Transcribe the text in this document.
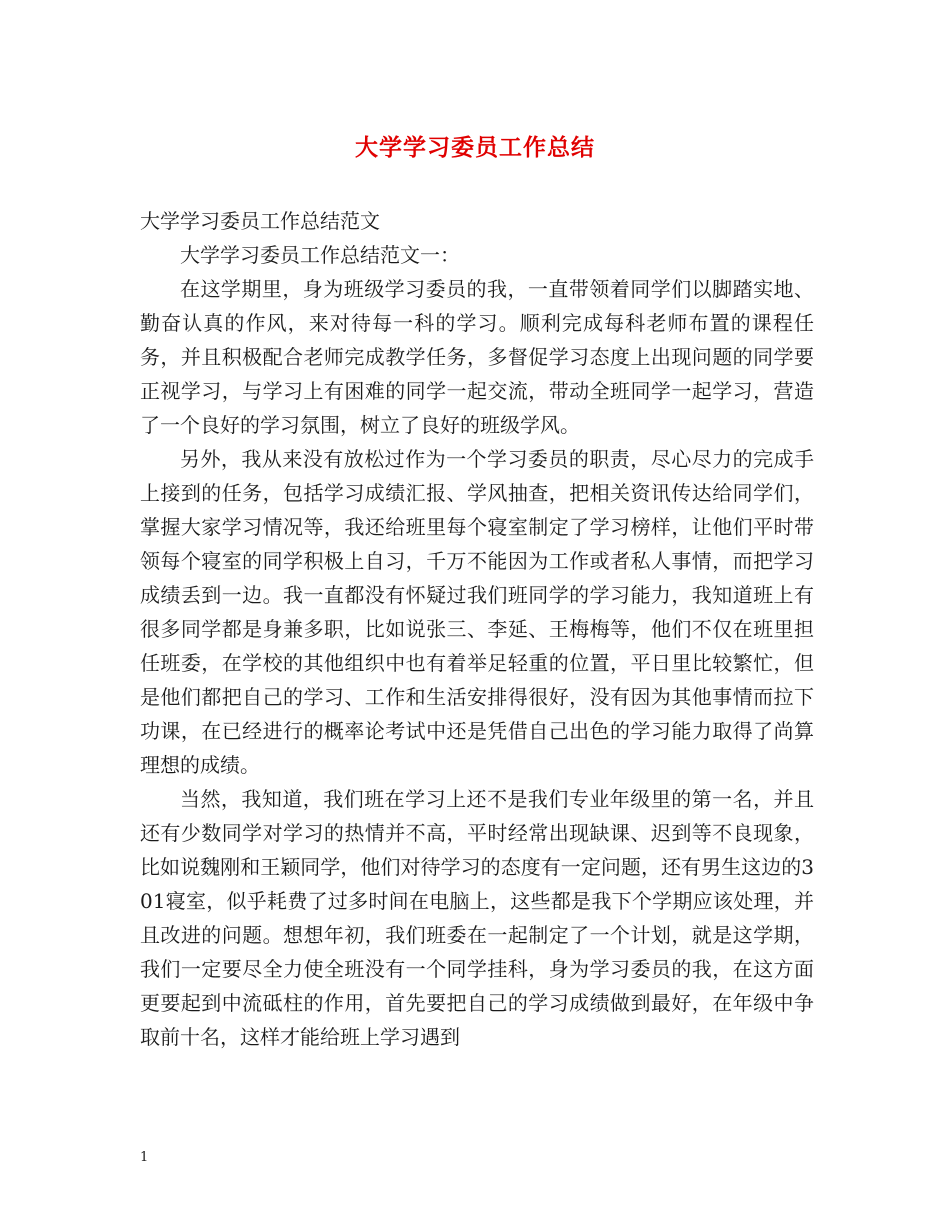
大学学习委员工作总结

大学学习委员工作总结范文

大学学习委员工作总结范文一：

在这学期里，身为班级学习委员的我，一直带领着同学们以脚踏实地、勤奋认真的作风，来对待每一科的学习。顺利完成每科老师布置的课程任务，并且积极配合老师完成教学任务，多督促学习态度上出现问题的同学要正视学习，与学习上有困难的同学一起交流，带动全班同学一起学习，营造了一个良好的学习氛围，树立了良好的班级学风。

另外，我从来没有放松过作为一个学习委员的职责，尽心尽力的完成手上接到的任务，包括学习成绩汇报、学风抽查，把相关资讯传达给同学们，掌握大家学习情况等，我还给班里每个寝室制定了学习榜样，让他们平时带领每个寝室的同学积极上自习，千万不能因为工作或者私人事情，而把学习成绩丢到一边。我一直都没有怀疑过我们班同学的学习能力，我知道班上有很多同学都是身兼多职，比如说张三、李延、王梅梅等，他们不仅在班里担任班委，在学校的其他组织中也有着举足轻重的位置，平日里比较繁忙，但是他们都把自己的学习、工作和生活安排得很好，没有因为其他事情而拉下功课，在已经进行的概率论考试中还是凭借自己出色的学习能力取得了尚算理想的成绩。

当然，我知道，我们班在学习上还不是我们专业年级里的第一名，并且还有少数同学对学习的热情并不高，平时经常出现缺课、迟到等不良现象，比如说魏刚和王颖同学，他们对待学习的态度有一定问题，还有男生这边的301寝室，似乎耗费了过多时间在电脑上，这些都是我下个学期应该处理，并且改进的问题。想想年初，我们班委在一起制定了一个计划，就是这学期，我们一定要尽全力使全班没有一个同学挂科，身为学习委员的我，在这方面更要起到中流砥柱的作用，首先要把自己的学习成绩做到最好，在年级中争取前十名，这样才能给班上学习遇到

1
